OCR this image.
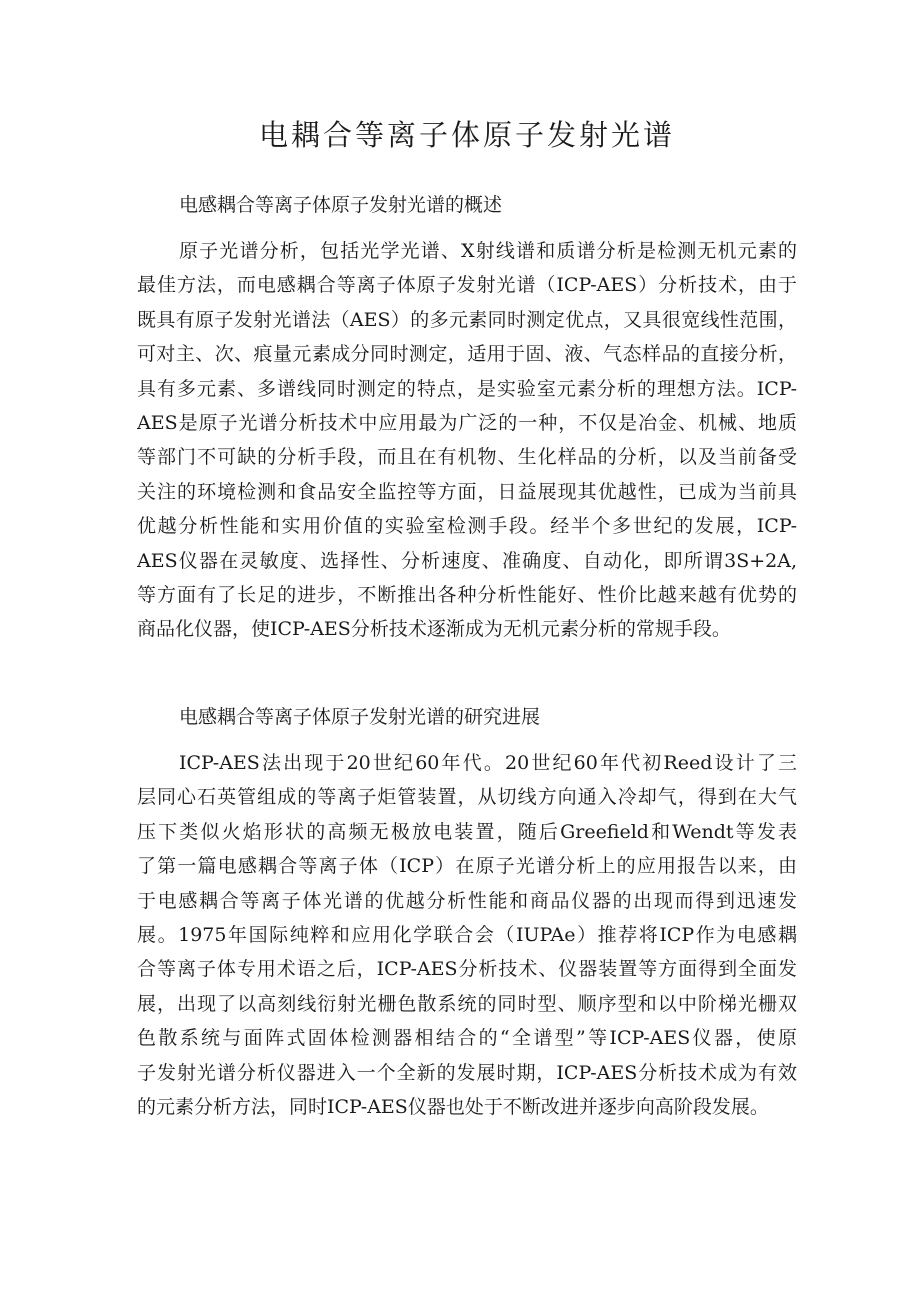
电耦合等离子体原子发射光谱
电感耦合等离子体原子发射光谱的概述
原子光谱分析，包括光学光谱、X射线谱和质谱分析是检测无机元素的
最佳方法，而电感耦合等离子体原子发射光谱（ICP-AES）分析技术，由于
既具有原子发射光谱法（AES）的多元素同时测定优点，又具很宽线性范围，
可对主、次、痕量元素成分同时测定，适用于固、液、气态样品的直接分析，
具有多元素、多谱线同时测定的特点，是实验室元素分析的理想方法。ICP-
AES是原子光谱分析技术中应用最为广泛的一种，不仅是冶金、机械、地质
等部门不可缺的分析手段，而且在有机物、生化样品的分析，以及当前备受
关注的环境检测和食品安全监控等方面，日益展现其优越性，已成为当前具
优越分析性能和实用价值的实验室检测手段。经半个多世纪的发展，ICP-
AES仪器在灵敏度、选择性、分析速度、准确度、自动化，即所谓3S+2A,
等方面有了长足的进步，不断推出各种分析性能好、性价比越来越有优势的
商品化仪器，使ICP-AES分析技术逐渐成为无机元素分析的常规手段。
电感耦合等离子体原子发射光谱的研究进展
ICP-AES法出现于20世纪60年代。20世纪60年代初Reed设计了三
层同心石英管组成的等离子炬管装置，从切线方向通入冷却气，得到在大气
压下类似火焰形状的高频无极放电装置，随后Greefield和Wendt等发表
了第一篇电感耦合等离子体（ICP）在原子光谱分析上的应用报告以来，由
于电感耦合等离子体光谱的优越分析性能和商品仪器的出现而得到迅速发
展。1975年国际纯粹和应用化学联合会（IUPAe）推荐将ICP作为电感耦
合等离子体专用术语之后，ICP-AES分析技术、仪器装置等方面得到全面发
展，出现了以高刻线衍射光栅色散系统的同时型、顺序型和以中阶梯光栅双
色散系统与面阵式固体检测器相结合的“全谱型”等ICP-AES仪器，使原
子发射光谱分析仪器进入一个全新的发展时期，ICP-AES分析技术成为有效
的元素分析方法，同时ICP-AES仪器也处于不断改进并逐步向高阶段发展。
